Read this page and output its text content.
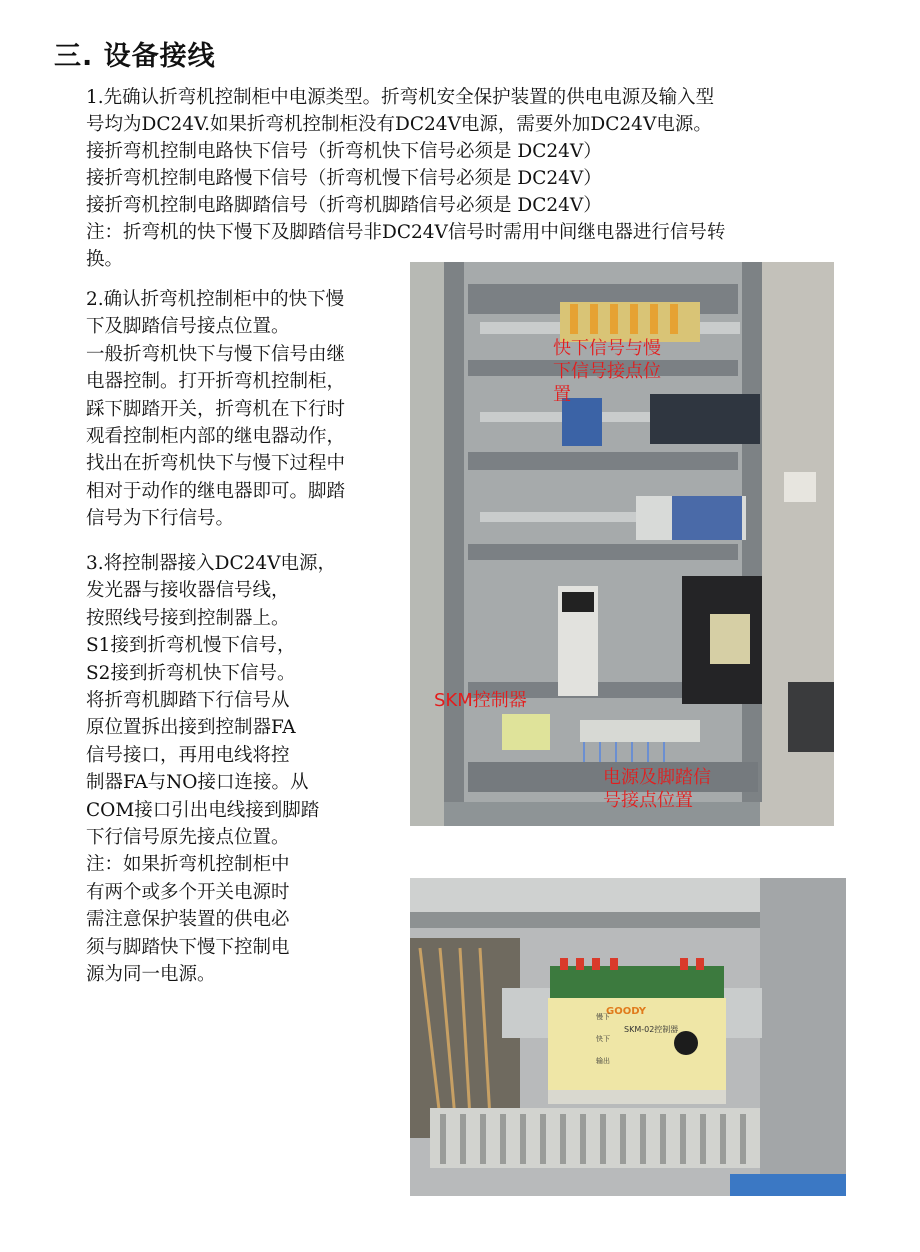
三. 设备接线
1.先确认折弯机控制柜中电源类型。折弯机安全保护装置的供电电源及输入型
号均为DC24V.如果折弯机控制柜没有DC24V电源，需要外加DC24V电源。
接折弯机控制电路快下信号（折弯机快下信号必须是 DC24V）
接折弯机控制电路慢下信号（折弯机慢下信号必须是 DC24V）
接折弯机控制电路脚踏信号（折弯机脚踏信号必须是 DC24V）
注：折弯机的快下慢下及脚踏信号非DC24V信号时需用中间继电器进行信号转
换。
2.确认折弯机控制柜中的快下慢
下及脚踏信号接点位置。
一般折弯机快下与慢下信号由继
电器控制。打开折弯机控制柜，
踩下脚踏开关，折弯机在下行时
观看控制柜内部的继电器动作，
找出在折弯机快下与慢下过程中
相对于动作的继电器即可。脚踏
信号为下行信号。
3.将控制器接入DC24V电源，
发光器与接收器信号线，
按照线号接到控制器上。
S1接到折弯机慢下信号，
S2接到折弯机快下信号。
将折弯机脚踏下行信号从
原位置拆出接到控制器FA
信号接口，再用电线将控
制器FA与NO接口连接。从
COM接口引出电线接到脚踏
下行信号原先接点位置。
注：如果折弯机控制柜中
有两个或多个开关电源时
需注意保护装置的供电必
须与脚踏快下慢下控制电
源为同一电源。
快下信号与慢
下信号接点位
置
SKM控制器
电源及脚踏信
号接点位置
GOODY
SKM-02控制器
慢下
快下
输出
